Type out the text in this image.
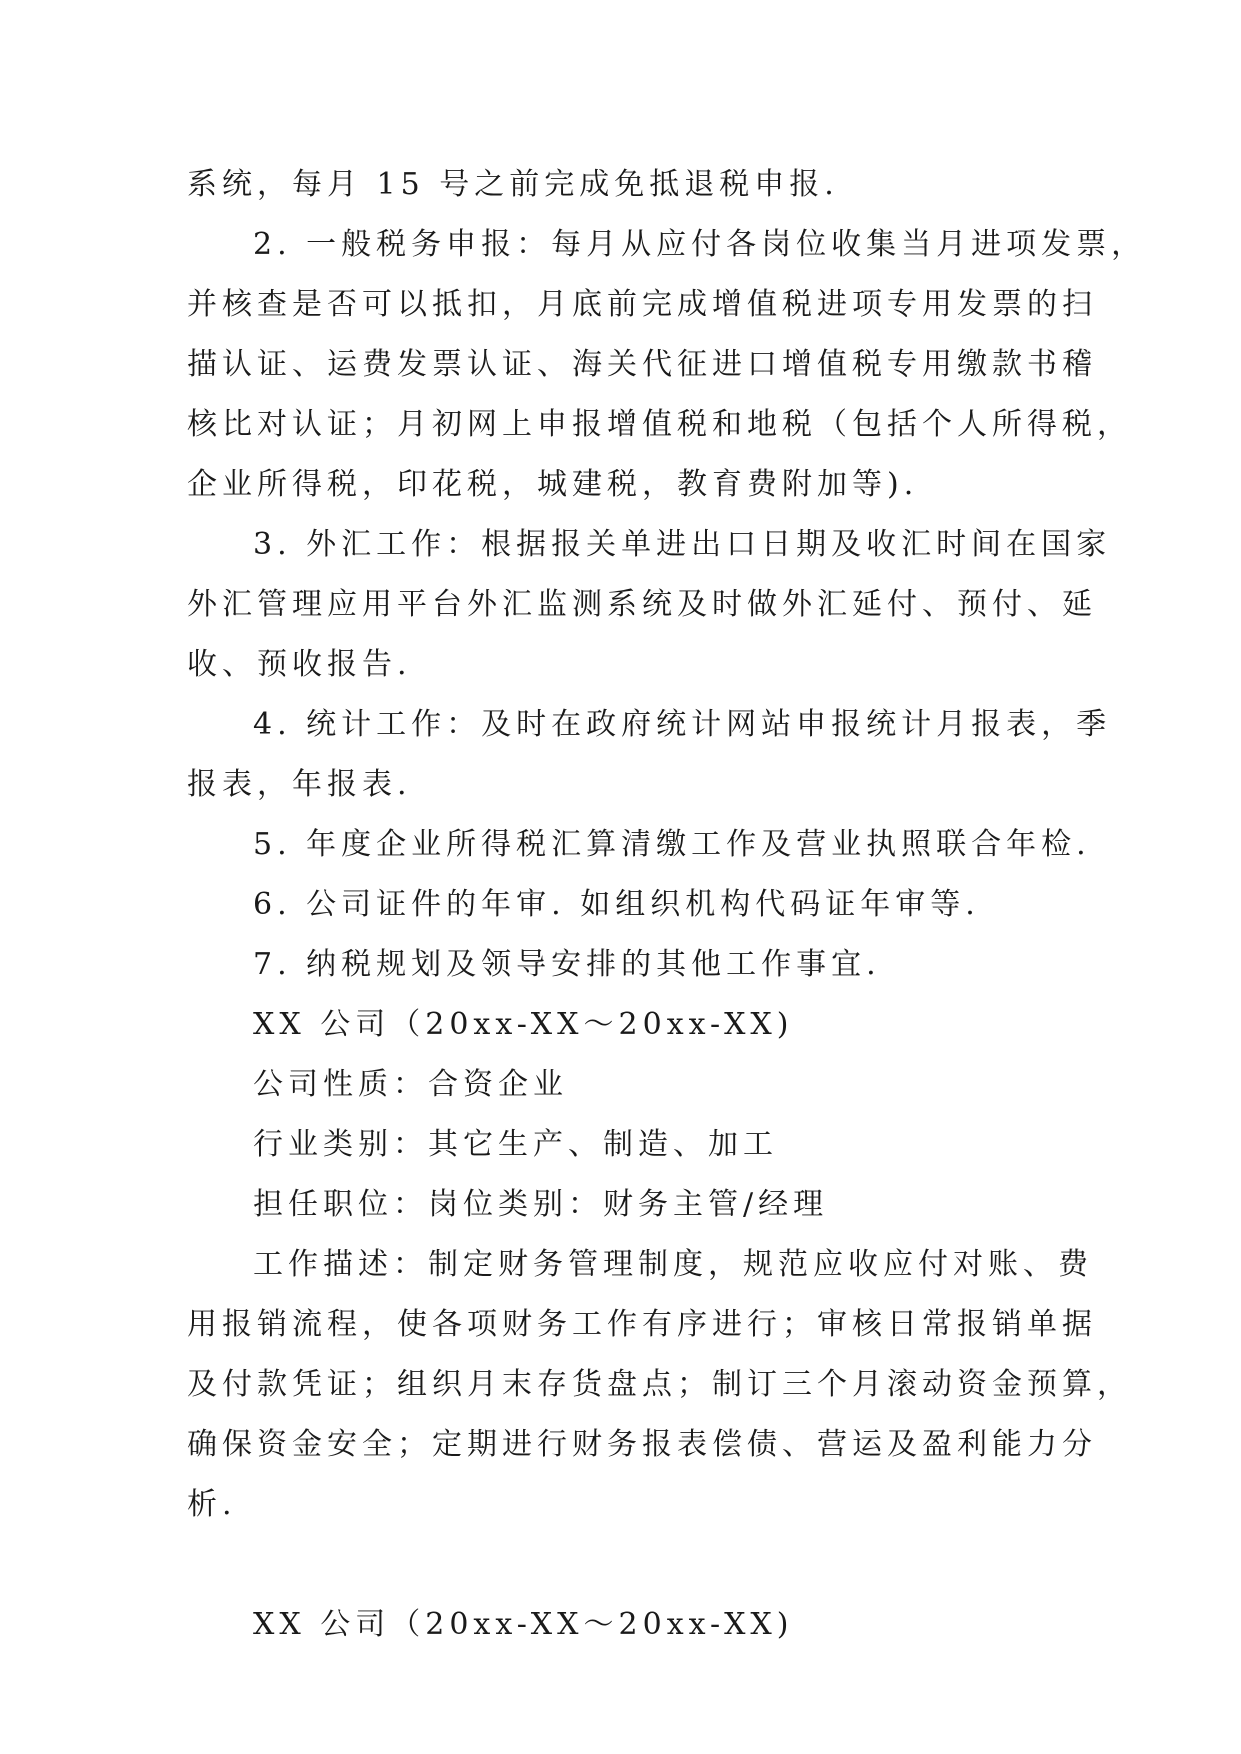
系统，每月 15 号之前完成免抵退税申报.
2. 一般税务申报：每月从应付各岗位收集当月进项发票，
并核查是否可以抵扣，月底前完成增值税进项专用发票的扫
描认证、运费发票认证、海关代征进口增值税专用缴款书稽
核比对认证；月初网上申报增值税和地税（包括个人所得税，
企业所得税，印花税，城建税，教育费附加等).
3. 外汇工作：根据报关单进出口日期及收汇时间在国家
外汇管理应用平台外汇监测系统及时做外汇延付、预付、延
收、预收报告.
4. 统计工作：及时在政府统计网站申报统计月报表，季
报表，年报表.
5. 年度企业所得税汇算清缴工作及营业执照联合年检.
6. 公司证件的年审. 如组织机构代码证年审等.
7. 纳税规划及领导安排的其他工作事宜.
XX 公司（20xx-XX～20xx-XX)
公司性质：合资企业
行业类别：其它生产、制造、加工
担任职位：岗位类别：财务主管/经理
工作描述：制定财务管理制度，规范应收应付对账、费
用报销流程，使各项财务工作有序进行；审核日常报销单据
及付款凭证；组织月末存货盘点；制订三个月滚动资金预算，
确保资金安全；定期进行财务报表偿债、营运及盈利能力分
析.
XX 公司（20xx-XX～20xx-XX)
